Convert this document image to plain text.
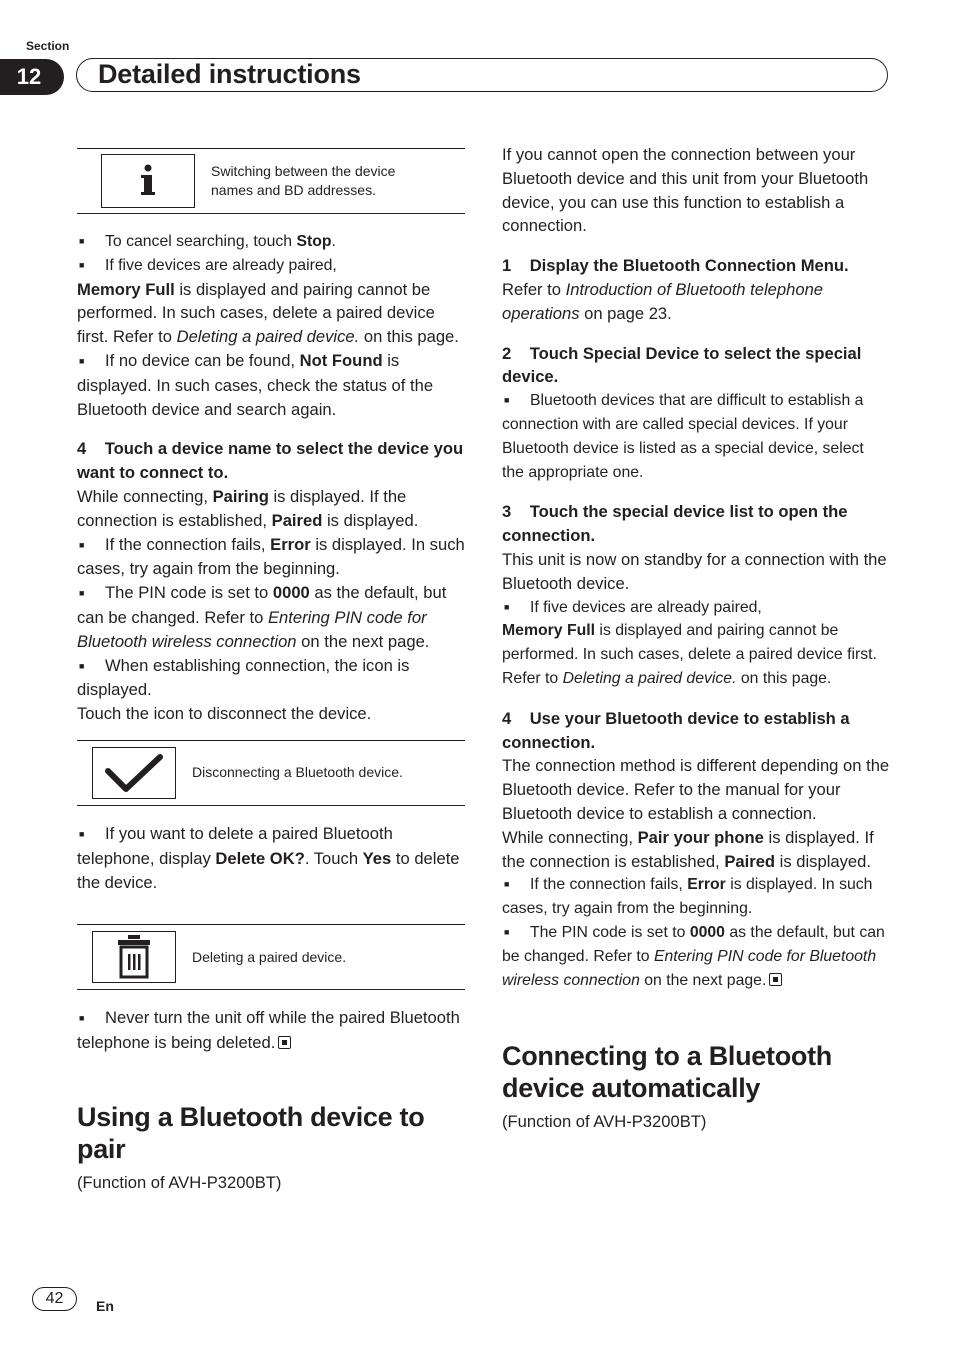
Section
12	Detailed instructions
Switching between the device
names and BD addresses.

■ To cancel searching, touch Stop.

■ If five devices are already paired,

Memory Full is displayed and pairing cannot be performed. In such cases, delete a paired device first. Refer to Deleting a paired device. on this page.

■ If no device can be found, Not Found is displayed. In such cases, check the status of the Bluetooth device and search again.

4 Touch a device name to select the device you want to connect to.

While connecting, Pairing is displayed. If the connection is established, Paired is displayed.

■ If the connection fails, Error is displayed. In such cases, try again from the beginning.

■ The PIN code is set to 0000 as the default, but can be changed. Refer to Entering PIN code for Bluetooth wireless connection on the next page.

■ When establishing connection, the icon is displayed.

Touch the icon to disconnect the device.

Disconnecting a Bluetooth device.

■ If you want to delete a paired Bluetooth telephone, display Delete OK?. Touch Yes to delete the device.

Deleting a paired device.

■ Never turn the unit off while the paired Bluetooth telephone is being deleted.

Using a Bluetooth device to pair

(Function of AVH-P3200BT)

If you cannot open the connection between your Bluetooth device and this unit from your Bluetooth device, you can use this function to establish a connection.

1 Display the Bluetooth Connection Menu.

Refer to Introduction of Bluetooth telephone operations on page 23.

2 Touch Special Device to select the special device.

■ Bluetooth devices that are difficult to establish a connection with are called special devices. If your Bluetooth device is listed as a special device, select the appropriate one.

3 Touch the special device list to open the connection.

This unit is now on standby for a connection with the Bluetooth device.

■ If five devices are already paired,

Memory Full is displayed and pairing cannot be performed. In such cases, delete a paired device first. Refer to Deleting a paired device. on this page.

4 Use your Bluetooth device to establish a connection.

The connection method is different depending on the Bluetooth device. Refer to the manual for your Bluetooth device to establish a connection.

While connecting, Pair your phone is displayed. If the connection is established, Paired is displayed.

■ If the connection fails, Error is displayed. In such cases, try again from the beginning.

■ The PIN code is set to 0000 as the default, but can be changed. Refer to Entering PIN code for Bluetooth wireless connection on the next page.

Connecting to a Bluetooth device automatically

(Function of AVH-P3200BT)

42	En
